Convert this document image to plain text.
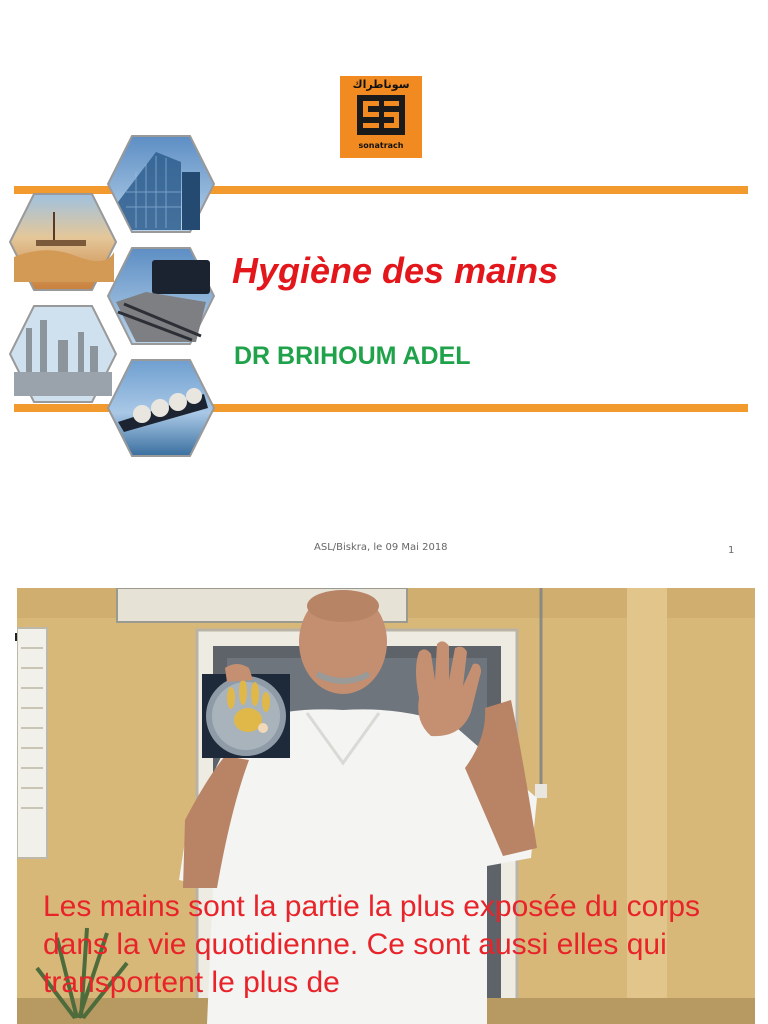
سوناطراك
sonatrach
Hygiène des mains
DR BRIHOUM ADEL
ASL/Biskra, le 09 Mai 2018	1

Les mains sont la partie la plus exposée du corps dans la vie quotidienne. Ce sont aussi elles qui transportent le plus de
